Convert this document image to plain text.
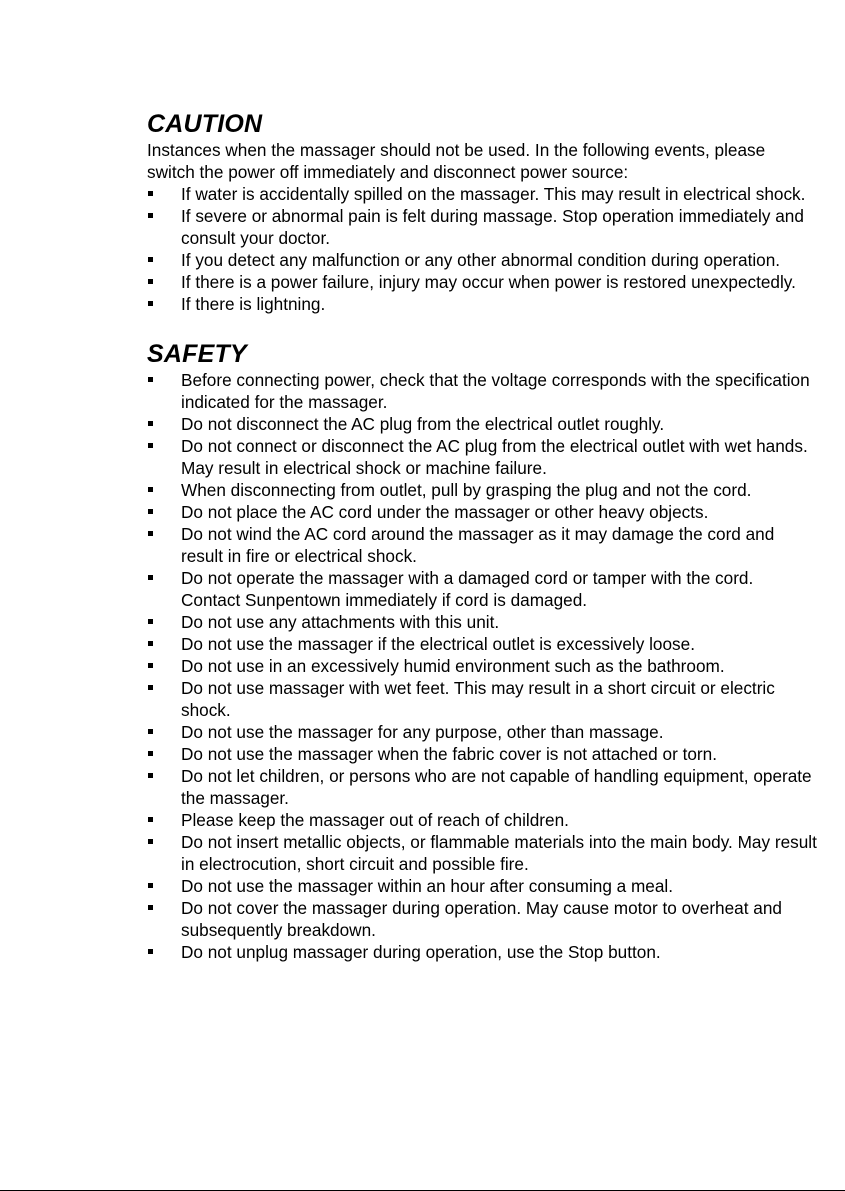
CAUTION

Instances when the massager should not be used. In the following events, please switch the power off immediately and disconnect power source:

If water is accidentally spilled on the massager. This may result in electrical shock.
If severe or abnormal pain is felt during massage. Stop operation immediately and consult your doctor.
If you detect any malfunction or any other abnormal condition during operation.
If there is a power failure, injury may occur when power is restored unexpectedly.
If there is lightning.
SAFETY
Before connecting power, check that the voltage corresponds with the specification indicated for the massager.
Do not disconnect the AC plug from the electrical outlet roughly.
Do not connect or disconnect the AC plug from the electrical outlet with wet hands. May result in electrical shock or machine failure.
When disconnecting from outlet, pull by grasping the plug and not the cord.
Do not place the AC cord under the massager or other heavy objects.
Do not wind the AC cord around the massager as it may damage the cord and result in fire or electrical shock.
Do not operate the massager with a damaged cord or tamper with the cord. Contact Sunpentown immediately if cord is damaged.
Do not use any attachments with this unit.
Do not use the massager if the electrical outlet is excessively loose.
Do not use in an excessively humid environment such as the bathroom.
Do not use massager with wet feet. This may result in a short circuit or electric shock.
Do not use the massager for any purpose, other than massage.
Do not use the massager when the fabric cover is not attached or torn.
Do not let children, or persons who are not capable of handling equipment, operate the massager.
Please keep the massager out of reach of children.
Do not insert metallic objects, or flammable materials into the main body. May result in electrocution, short circuit and possible fire.
Do not use the massager within an hour after consuming a meal.
Do not cover the massager during operation. May cause motor to overheat and subsequently breakdown.
Do not unplug massager during operation, use the Stop button.
